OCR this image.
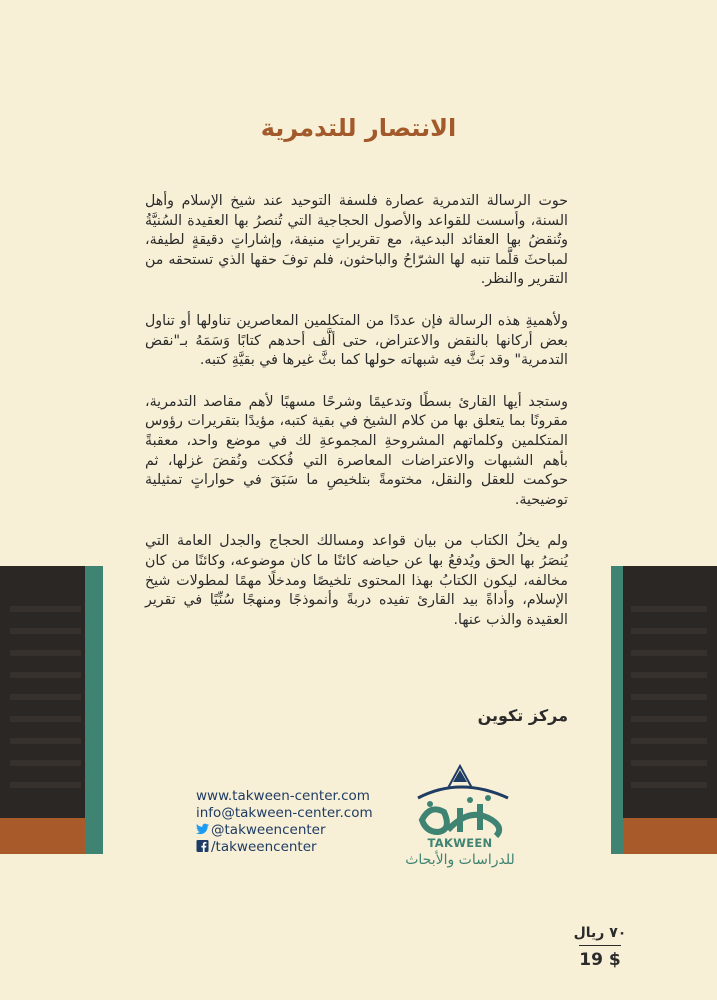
الانتصار للتدمرية

حوت الرسالة التدمرية عصارة فلسفة التوحيد عند شيخ الإسلام وأهل السنة، وأسست للقواعد والأصول الحجاجية التي تُنصرُ بها العقيدة السُنيَّةُ وتُنقضُ بها العقائد البدعية، مع تقريراتٍ منيفة، وإشاراتٍ دقيقةٍ لطيفة، لمباحثَ قلَّما تنبه لها الشرّاحُ والباحثون، فلم توفَ حقها الذي تستحقه من التقرير والنظر.

ولأهميةِ هذه الرسالة فإن عددًا من المتكلمين المعاصرين تناولها أو تناول بعض أركانها بالنقض والاعتراض، حتى ألَّف أحدهم كتابًا وَسَمَهُ بـ"نقض التدمرية" وقد بَثَّ فيه شبهاته حولها كما بثَّ غيرها في بقيَّةِ كتبه.

وستجد أيها القارئ بسطًا وتدعيمًا وشرحًا مسهبًا لأهم مقاصد التدمرية، مقرونًا بما يتعلق بها من كلام الشيخ في بقية كتبه، مؤيدًا بتقريرات رؤوس المتكلمين وكلماتهم المشروحةِ المجموعةِ لك في موضع واحد، معقبةً بأهم الشبهات والاعتراضات المعاصرة التي فُككت ونُقضَ غزلها، ثم حوكمت للعقل والنقل، مختومةً بتلخيصِ ما سَبَقَ في حواراتٍ تمثيلية توضيحية.

ولم يخلُ الكتاب من بيان قواعد ومسالك الحجاج والجدل العامة التي يُنصَرُ بها الحق ويُدفعُ بها عن حياضه كائنًا ما كان موضوعه، وكائنًا من كان مخالفه، ليكون الكتابُ بهذا المحتوى تلخيصًا ومدخلًا مهمًا لمطولات شيخ الإسلام، وأداةً بيد القارئ تفيده دربةً وأنموذجًا ومنهجًا سُنِّيًا في تقرير العقيدة والذب عنها.

مركز تكوين
www.takween-center.com
info@takween-center.com
@takweencenter
/takweencenter	TAKWEEN
للدراسات والأبحاث
٧٠ ريال
19 $
